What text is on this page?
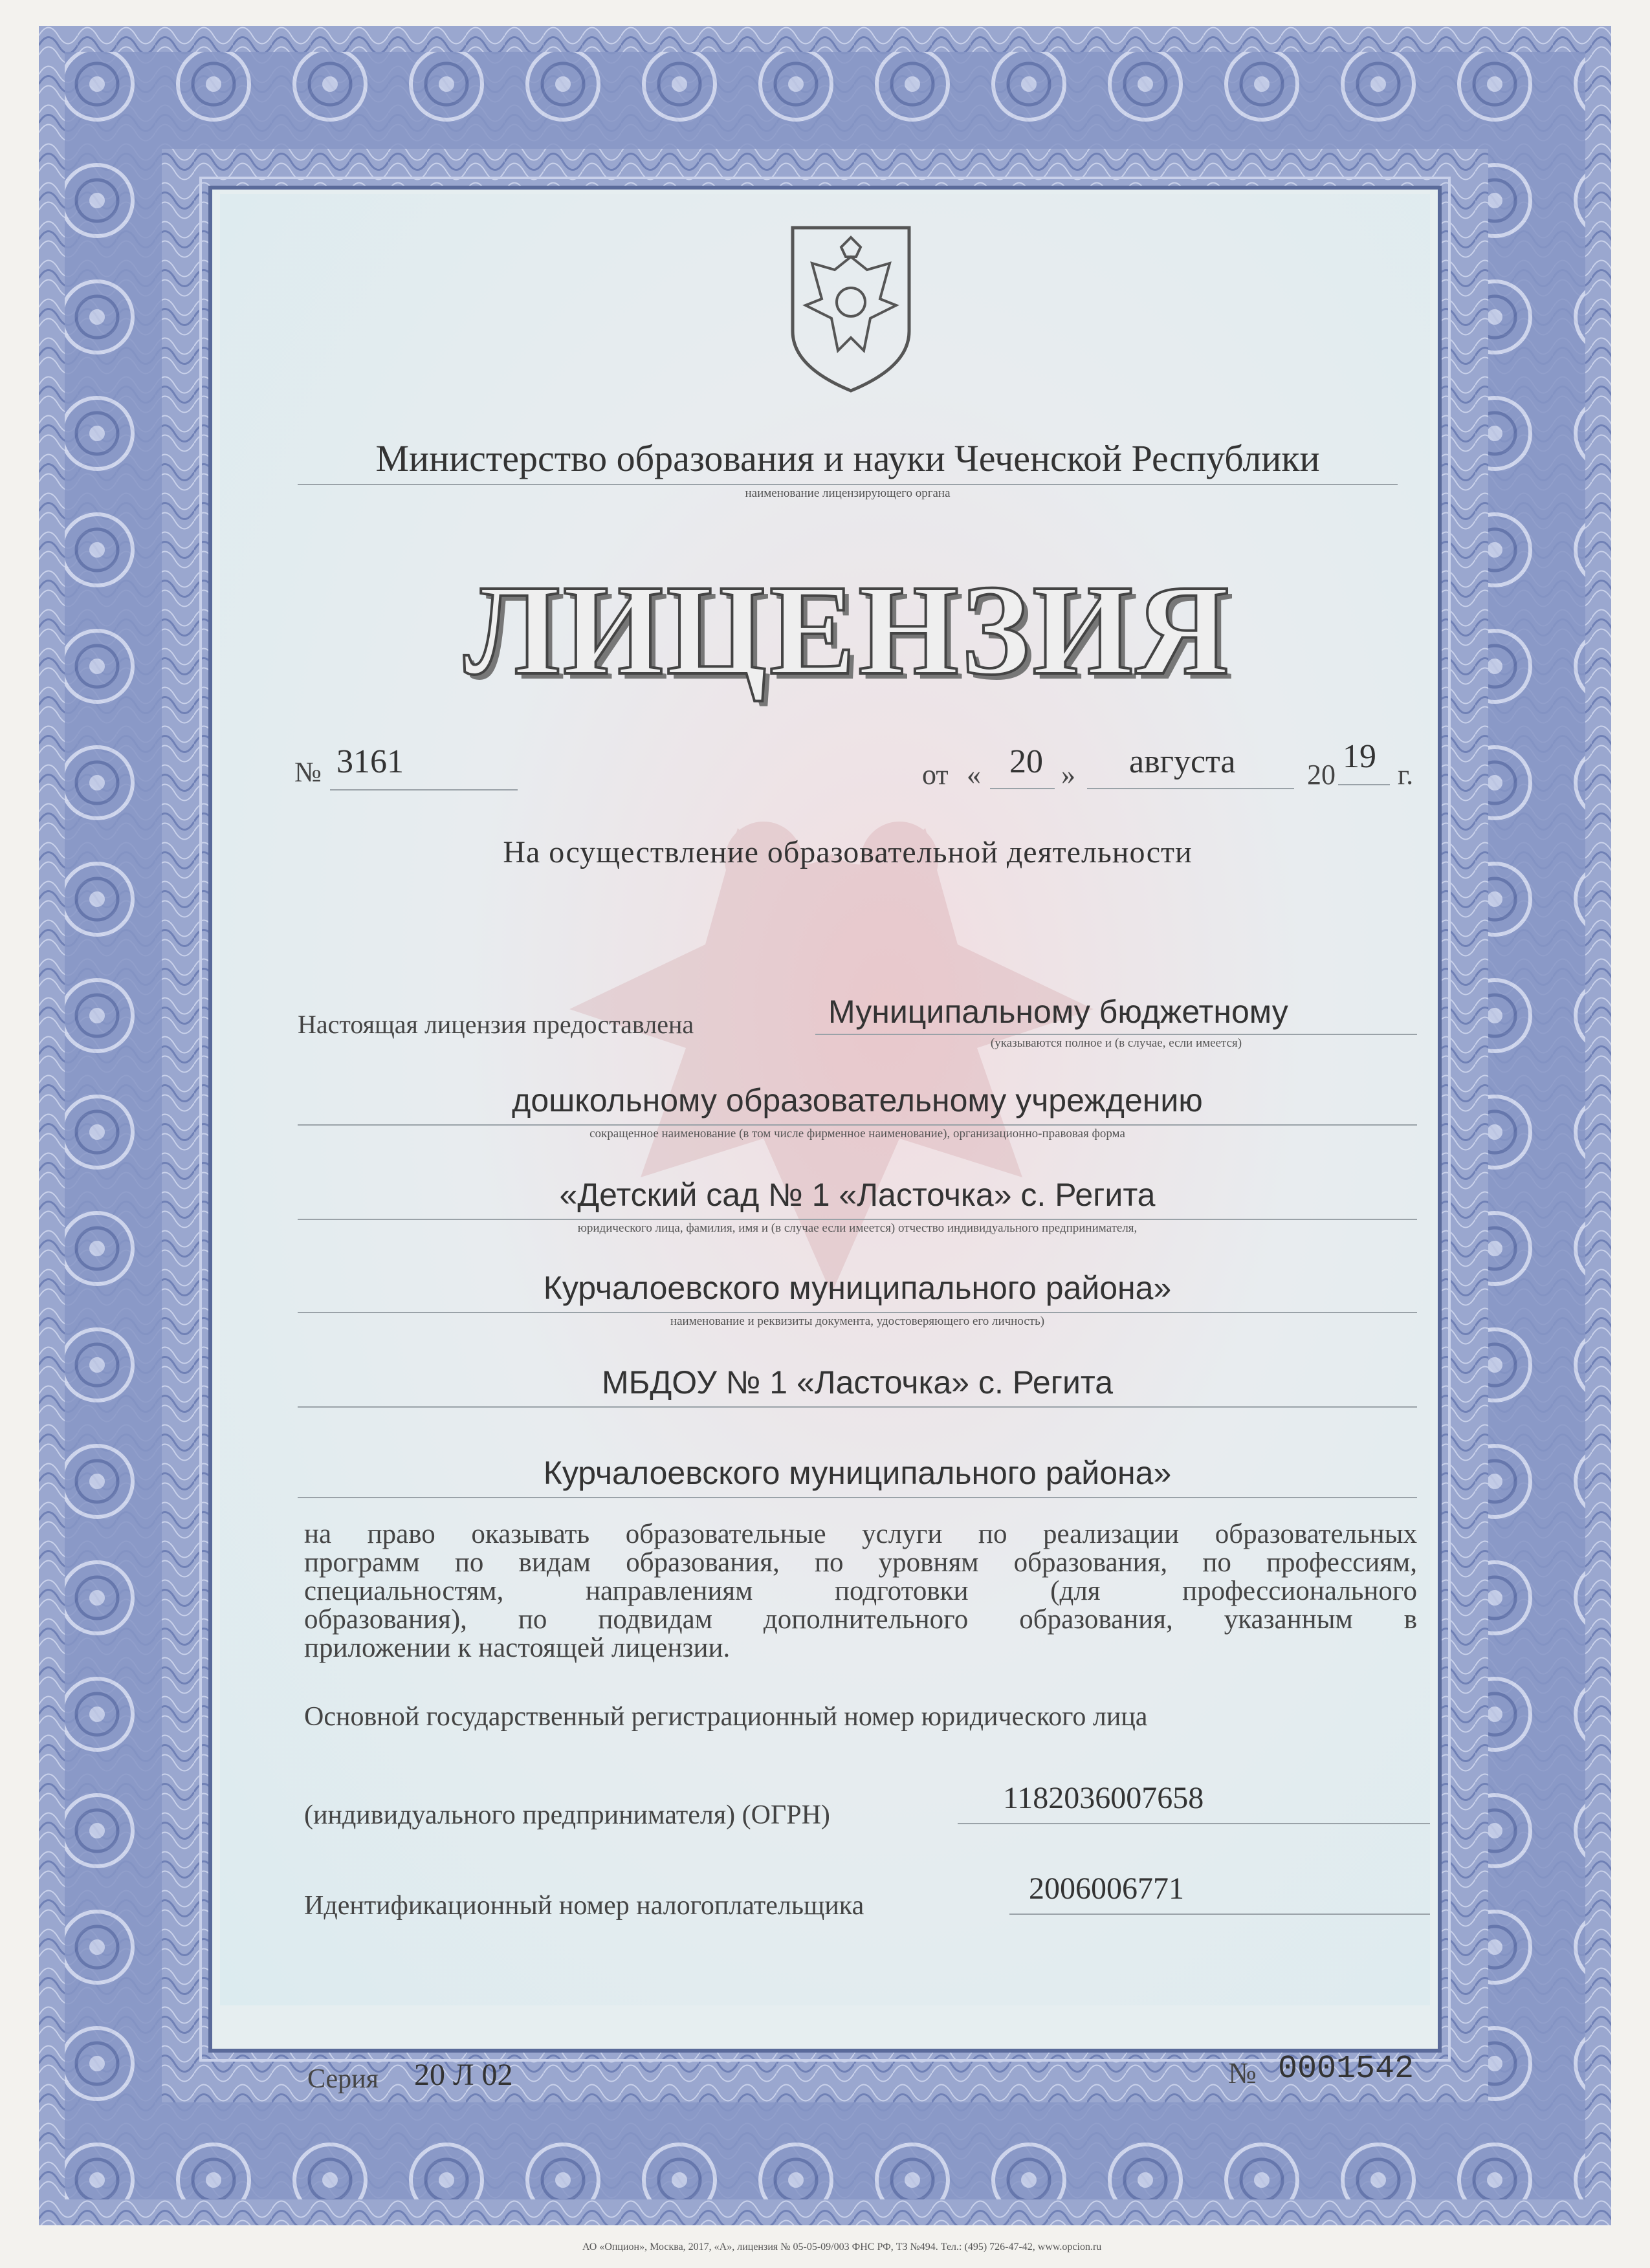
Министерство образования и науки Чеченской Республики
наименование лицензирующего органа
ЛИЦЕНЗИЯ
№ 3161	от « 20 » августа	20 19 г.
На осуществление образовательной деятельности
Настоящая лицензия предоставлена	Муниципальному бюджетному
(указываются полное и (в случае, если имеется)
дошкольному образовательному учреждению
сокращенное наименование (в том числе фирменное наименование), организационно-правовая форма
«Детский сад № 1 «Ласточка» с. Регита
юридического лица, фамилия, имя и (в случае если имеется) отчество индивидуального предпринимателя,
Курчалоевского муниципального района»
наименование и реквизиты документа, удостоверяющего его личность)
МБДОУ № 1 «Ласточка» с. Регита
Курчалоевского муниципального района»
на право оказывать образовательные услуги по реализации образовательных
программ по видам образования, по уровням образования, по профессиям,
специальностям, направлениям подготовки (для профессионального
образования), по подвидам дополнительного образования, указанным в
приложении к настоящей лицензии.
Основной государственный регистрационный номер юридического лица
(индивидуального предпринимателя) (ОГРН)	1182036007658
Идентификационный номер налогоплательщика	2006006771
Серия 20 Л 02	№ 0001542
АО «Опцион», Москва, 2017, «А», лицензия № 05-05-09/003 ФНС РФ, ТЗ №494. Тел.: (495) 726-47-42, www.opcion.ru
